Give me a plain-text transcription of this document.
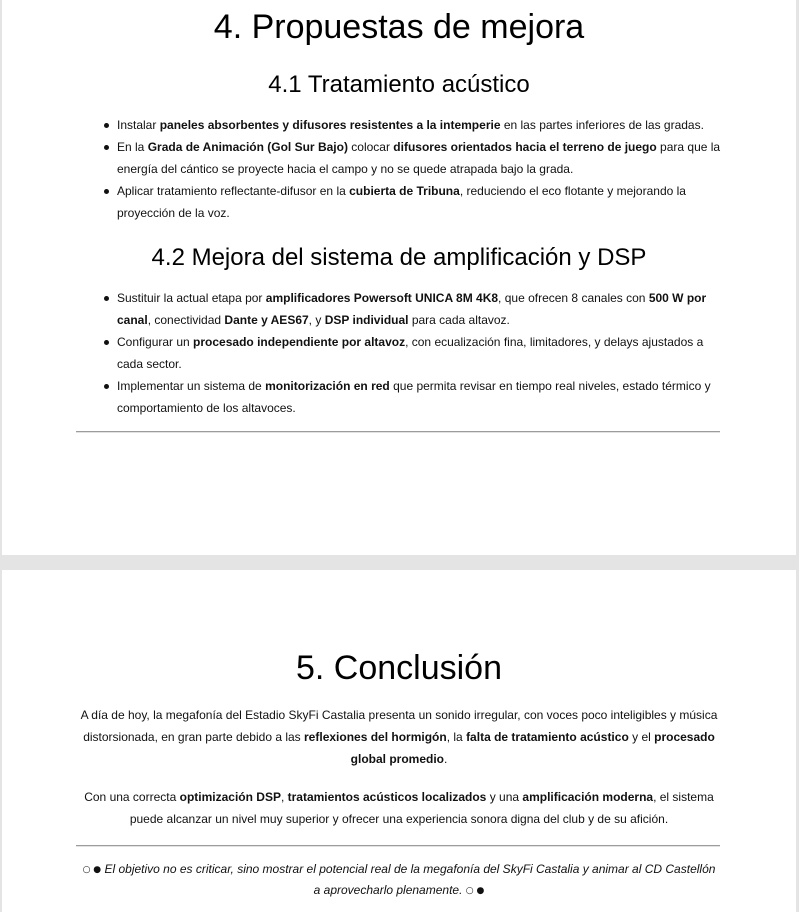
4. Propuestas de mejora
4.1 Tratamiento acústico
Instalar paneles absorbentes y difusores resistentes a la intemperie en las partes inferiores de las gradas.
En la Grada de Animación (Gol Sur Bajo) colocar difusores orientados hacia el terreno de juego para que la
energía del cántico se proyecte hacia el campo y no se quede atrapada bajo la grada.
Aplicar tratamiento reflectante-difusor en la cubierta de Tribuna, reduciendo el eco flotante y mejorando la
proyección de la voz.
4.2 Mejora del sistema de amplificación y DSP
Sustituir la actual etapa por amplificadores Powersoft UNICA 8M 4K8, que ofrecen 8 canales con 500 W por
canal, conectividad Dante y AES67, y DSP individual para cada altavoz.
Configurar un procesado independiente por altavoz, con ecualización fina, limitadores, y delays ajustados a
cada sector.
Implementar un sistema de monitorización en red que permita revisar en tiempo real niveles, estado térmico y
comportamiento de los altavoces.
5. Conclusión
A día de hoy, la megafonía del Estadio SkyFi Castalia presenta un sonido irregular, con voces poco inteligibles y música
distorsionada, en gran parte debido a las reflexiones del hormigón, la falta de tratamiento acústico y el procesado
global promedio.
Con una correcta optimización DSP, tratamientos acústicos localizados y una amplificación moderna, el sistema
puede alcanzar un nivel muy superior y ofrecer una experiencia sonora digna del club y de su afición.
○ ● El objetivo no es criticar, sino mostrar el potencial real de la megafonía del SkyFi Castalia y animar al CD Castellón
a aprovecharlo plenamente. ○ ●
